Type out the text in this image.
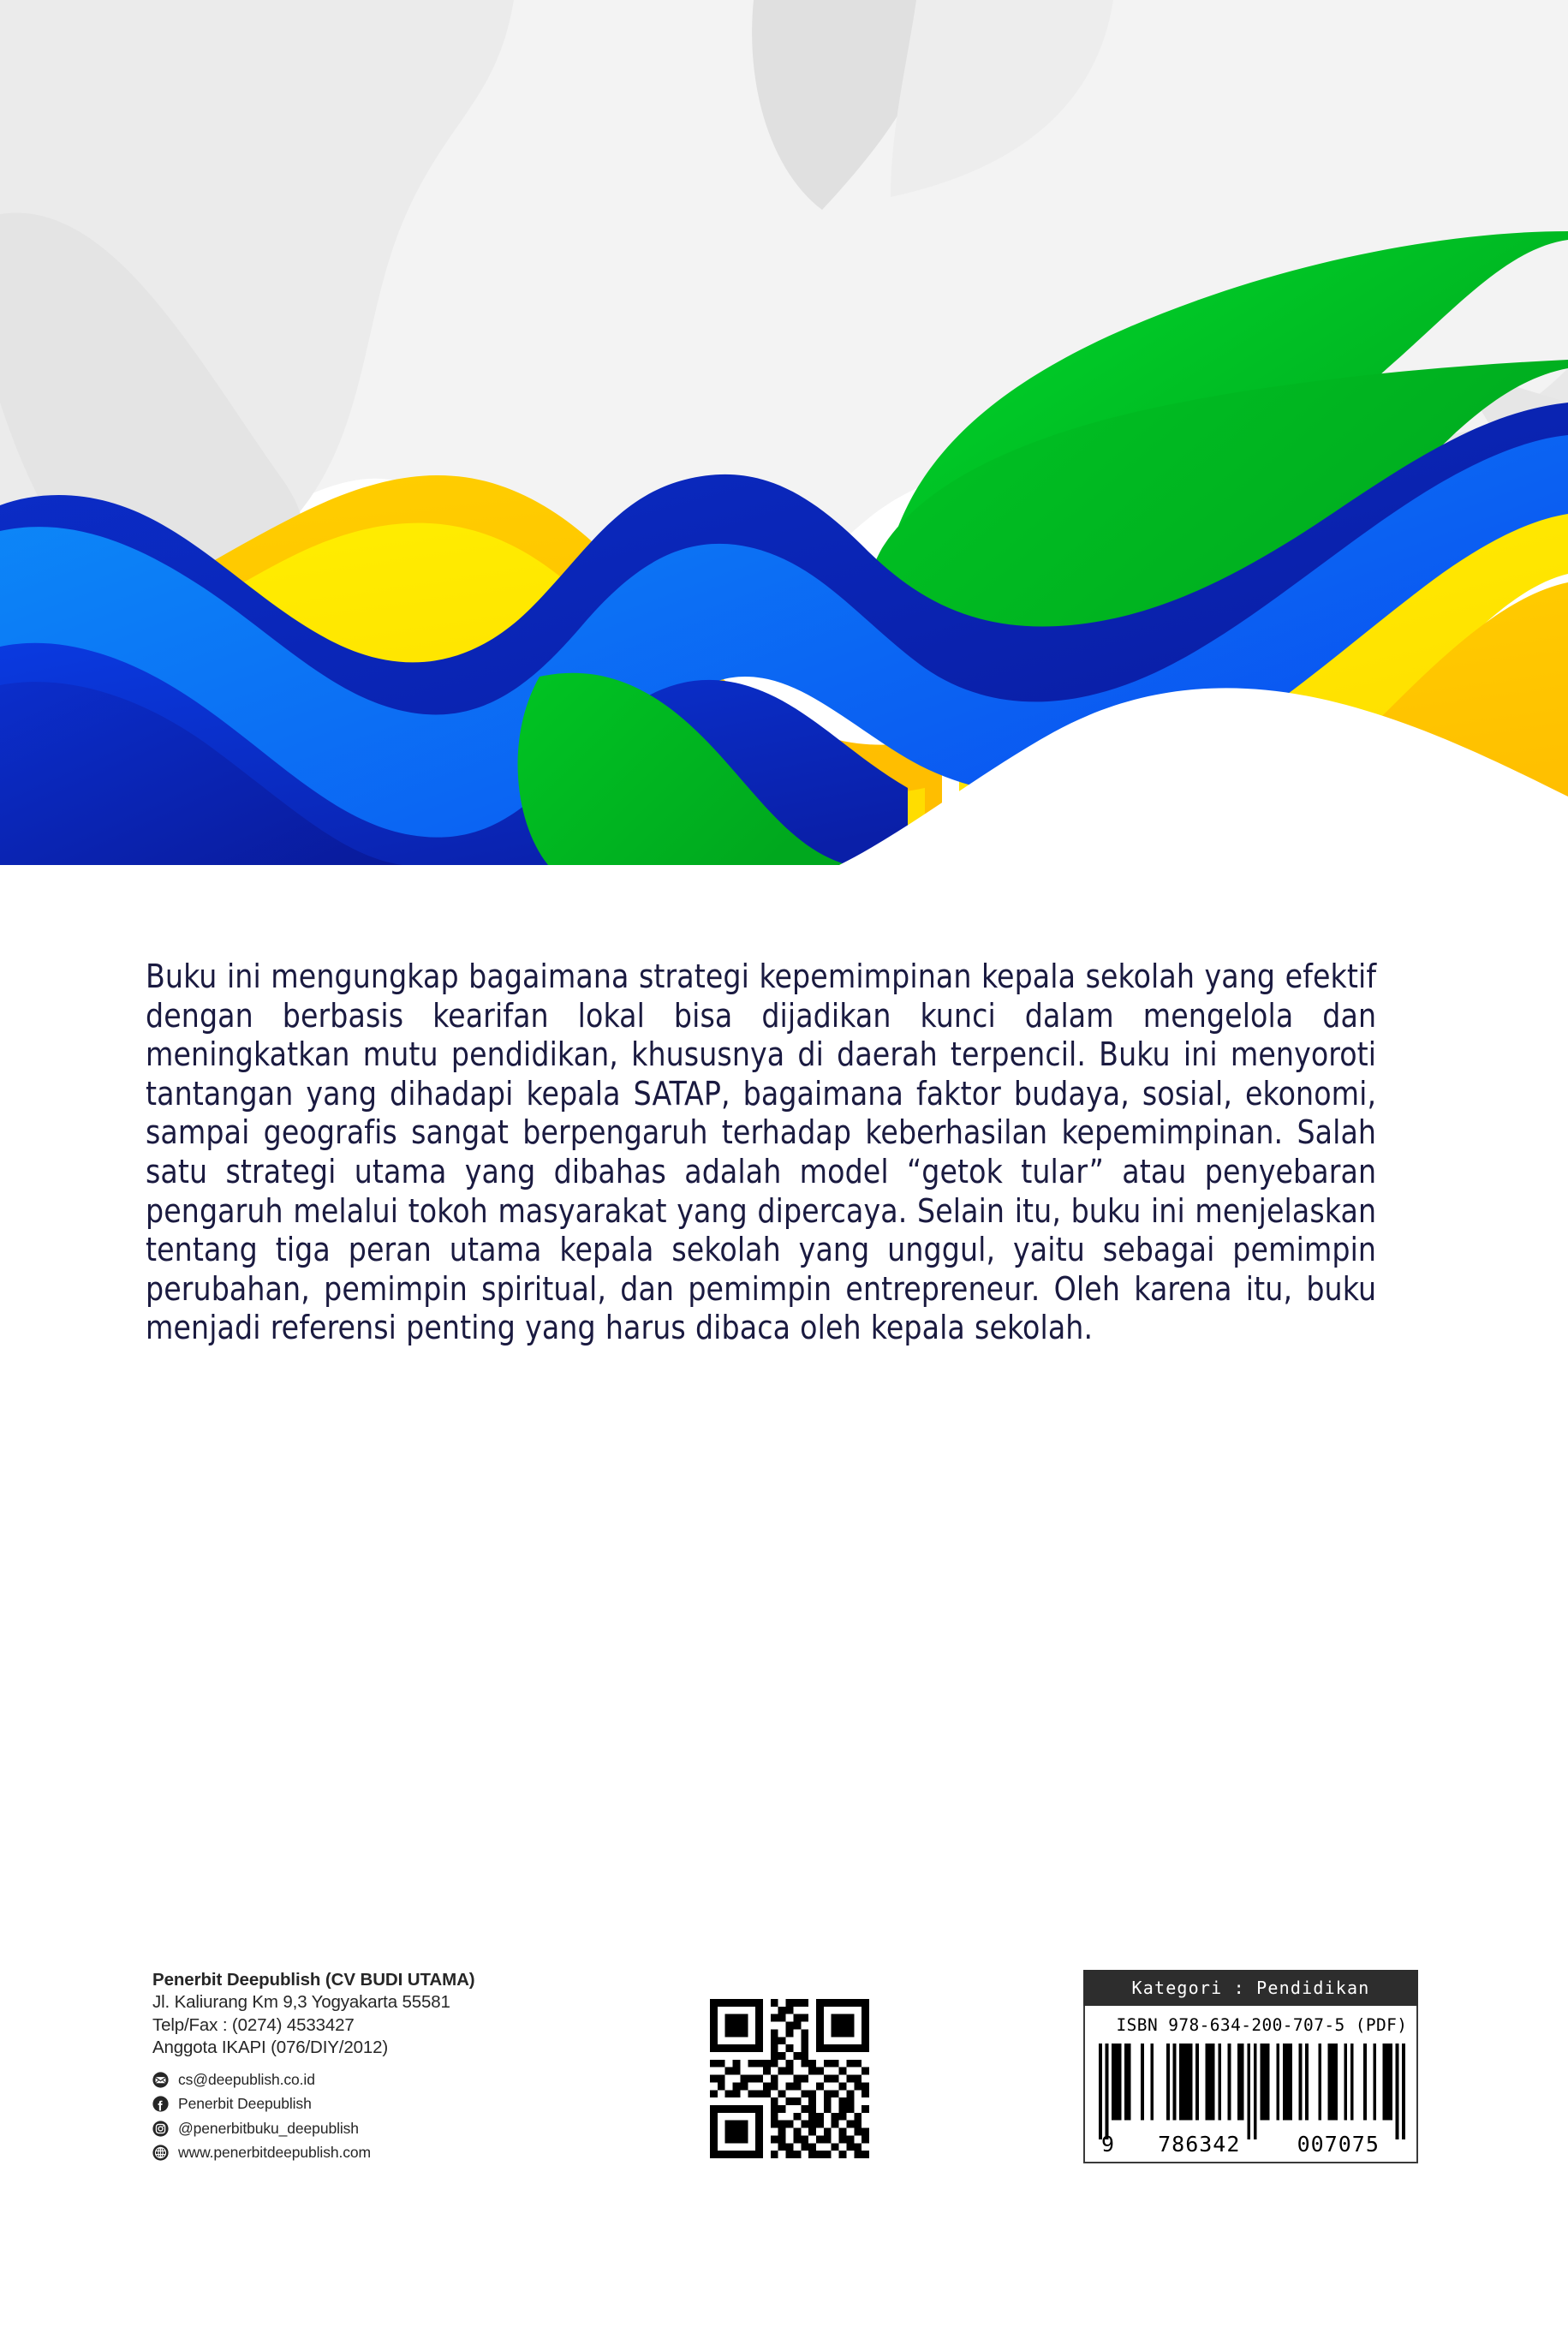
Buku ini mengungkap bagaimana strategi kepemimpinan kepala sekolah yang efektif dengan berbasis kearifan lokal bisa dijadikan kunci dalam mengelola dan meningkatkan mutu pendidikan, khususnya di daerah terpencil. Buku ini menyoroti tantangan yang dihadapi kepala SATAP, bagaimana faktor budaya, sosial, ekonomi, sampai geografis sangat berpengaruh terhadap keberhasilan kepemimpinan. Salah satu strategi utama yang dibahas adalah model “getok tular” atau penyebaran pengaruh melalui tokoh masyarakat yang dipercaya. Selain itu, buku ini menjelaskan tentang tiga peran utama kepala sekolah yang unggul, yaitu sebagai pemimpin perubahan, pemimpin spiritual, dan pemimpin entrepreneur. Oleh karena itu, buku menjadi referensi penting yang harus dibaca oleh kepala sekolah.

Penerbit Deepublish (CV BUDI UTAMA)
Jl. Kaliurang Km 9,3 Yogyakarta 55581
Telp/Fax : (0274) 4533427
Anggota IKAPI (076/DIY/2012)
cs@deepublish.co.id
Penerbit Deepublish
@penerbitbuku_deepublish
www.penerbitdeepublish.com
Kategori : Pendidikan
ISBN 978-634-200-707-5 (PDF)
9	786342	007075
